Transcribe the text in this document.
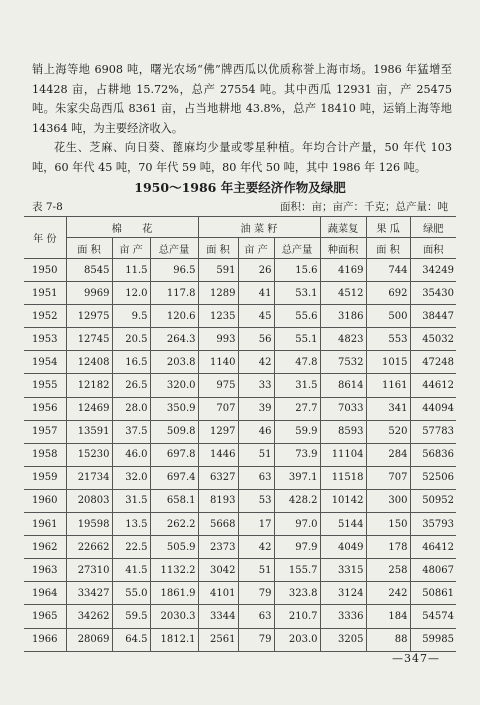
销上海等地 6908 吨，曙光农场“佛”牌西瓜以优质称誉上海市场。1986 年猛增至 14428 亩，占耕地 15.72%，总产 27554 吨。其中西瓜 12931 亩，产 25475 吨。朱家尖岛西瓜 8361 亩，占当地耕地 43.8%，总产 18410 吨，运销上海等地 14364 吨，为主要经济收入。

花生、芝麻、向日葵、蓖麻均少量或零星种植。年均合计产量，50 年代 103 吨，60 年代 45 吨，70 年代 59 吨，80 年代 50 吨，其中 1986 年 126 吨。

1950～1986 年主要经济作物及绿肥
表 7-8	面积：亩；亩产：千克；总产量：吨
年 份	棉　　花			油 菜 籽			蔬菜复	果 瓜	绿肥
	面 积	亩 产	总产量	面 积	亩 产	总产量	种面积	面 积	面积
1950	8545	11.5	96.5	591	26	15.6	4169	744	34249
1951	9969	12.0	117.8	1289	41	53.1	4512	692	35430
1952	12975	9.5	120.6	1235	45	55.6	3186	500	38447
1953	12745	20.5	264.3	993	56	55.1	4823	553	45032
1954	12408	16.5	203.8	1140	42	47.8	7532	1015	47248
1955	12182	26.5	320.0	975	33	31.5	8614	1161	44612
1956	12469	28.0	350.9	707	39	27.7	7033	341	44094
1957	13591	37.5	509.8	1297	46	59.9	8593	520	57783
1958	15230	46.0	697.8	1446	51	73.9	11104	284	56836
1959	21734	32.0	697.4	6327	63	397.1	11518	707	52506
1960	20803	31.5	658.1	8193	53	428.2	10142	300	50952
1961	19598	13.5	262.2	5668	17	97.0	5144	150	35793
1962	22662	22.5	505.9	2373	42	97.9	4049	178	46412
1963	27310	41.5	1132.2	3042	51	155.7	3315	258	48067
1964	33427	55.0	1861.9	4101	79	323.8	3124	242	50861
1965	34262	59.5	2030.3	3344	63	210.7	3336	184	54574
1966	28069	64.5	1812.1	2561	79	203.0	3205	88	59985
—347—
